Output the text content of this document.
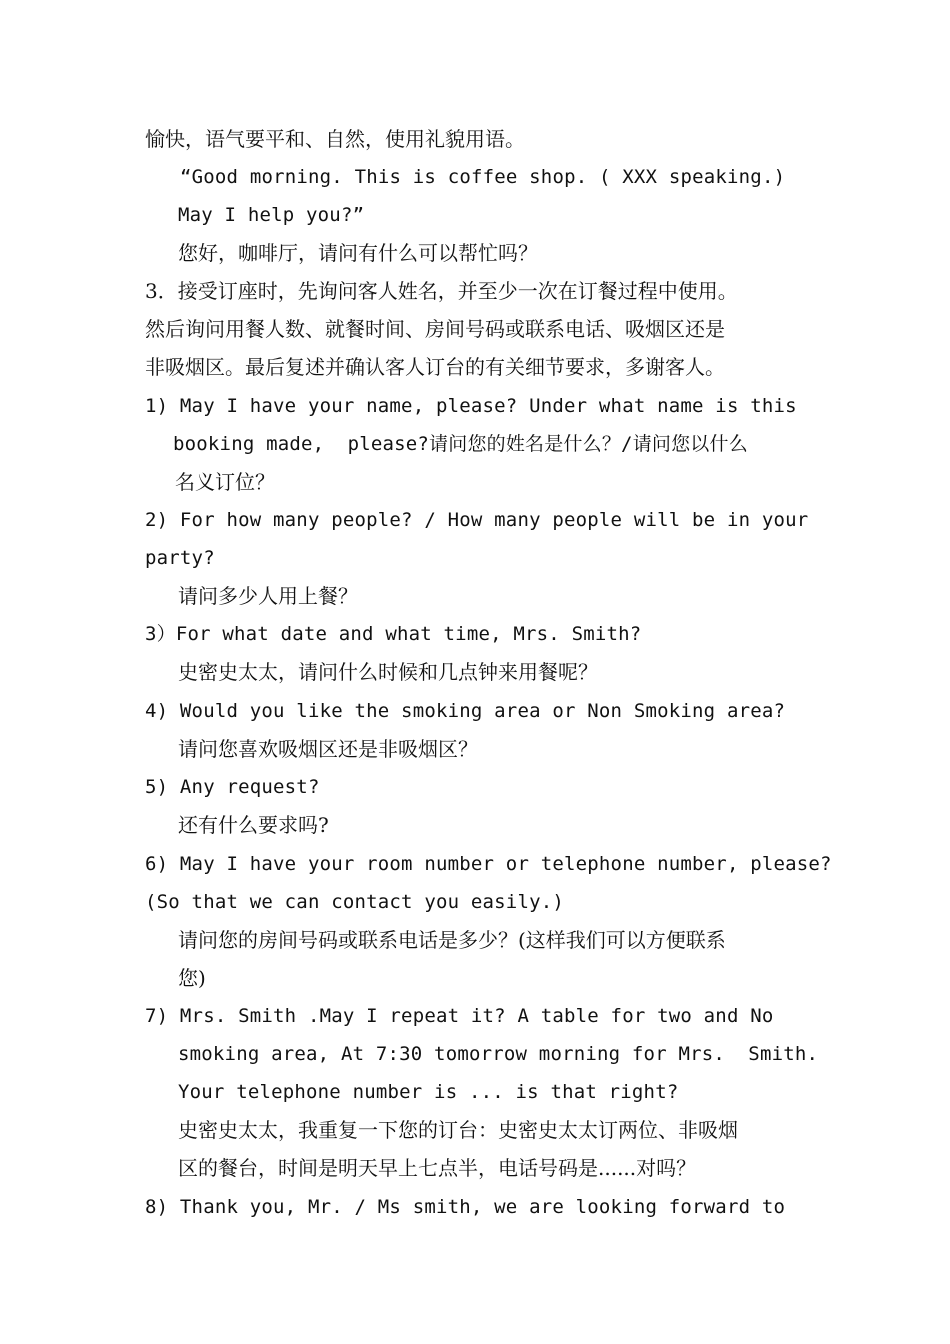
愉快，语气要平和、自然，使用礼貌用语。
“Good morning. This is coffee shop. ( XXX speaking.)
May I help you?”
您好，咖啡厅，请问有什么可以帮忙吗？
3．接受订座时，先询问客人姓名，并至少一次在订餐过程中使用。
然后询问用餐人数、就餐时间、房间号码或联系电话、吸烟区还是
非吸烟区。最后复述并确认客人订台的有关细节要求，多谢客人。
1) May I have your name, please? Under what name is this
booking made,  please?请问您的姓名是什么？/请问您以什么
名义订位？
2) For how many people? / How many people will be in your
party?
请问多少人用上餐？
3）For what date and what time, Mrs. Smith?
史密史太太，请问什么时候和几点钟来用餐呢？
4) Would you like the smoking area or Non Smoking area?
请问您喜欢吸烟区还是非吸烟区？
5) Any request?
还有什么要求吗?
6) May I have your room number or telephone number, please?
(So that we can contact you easily.)
请问您的房间号码或联系电话是多少？(这样我们可以方便联系
您)
7) Mrs. Smith .May I repeat it? A table for two and No
smoking area, At 7:30 tomorrow morning for Mrs.  Smith.
Your telephone number is ... is that right?
史密史太太，我重复一下您的订台：史密史太太订两位、非吸烟
区的餐台，时间是明天早上七点半，电话号码是......对吗？
8) Thank you, Mr. / Ms smith, we are looking forward to
